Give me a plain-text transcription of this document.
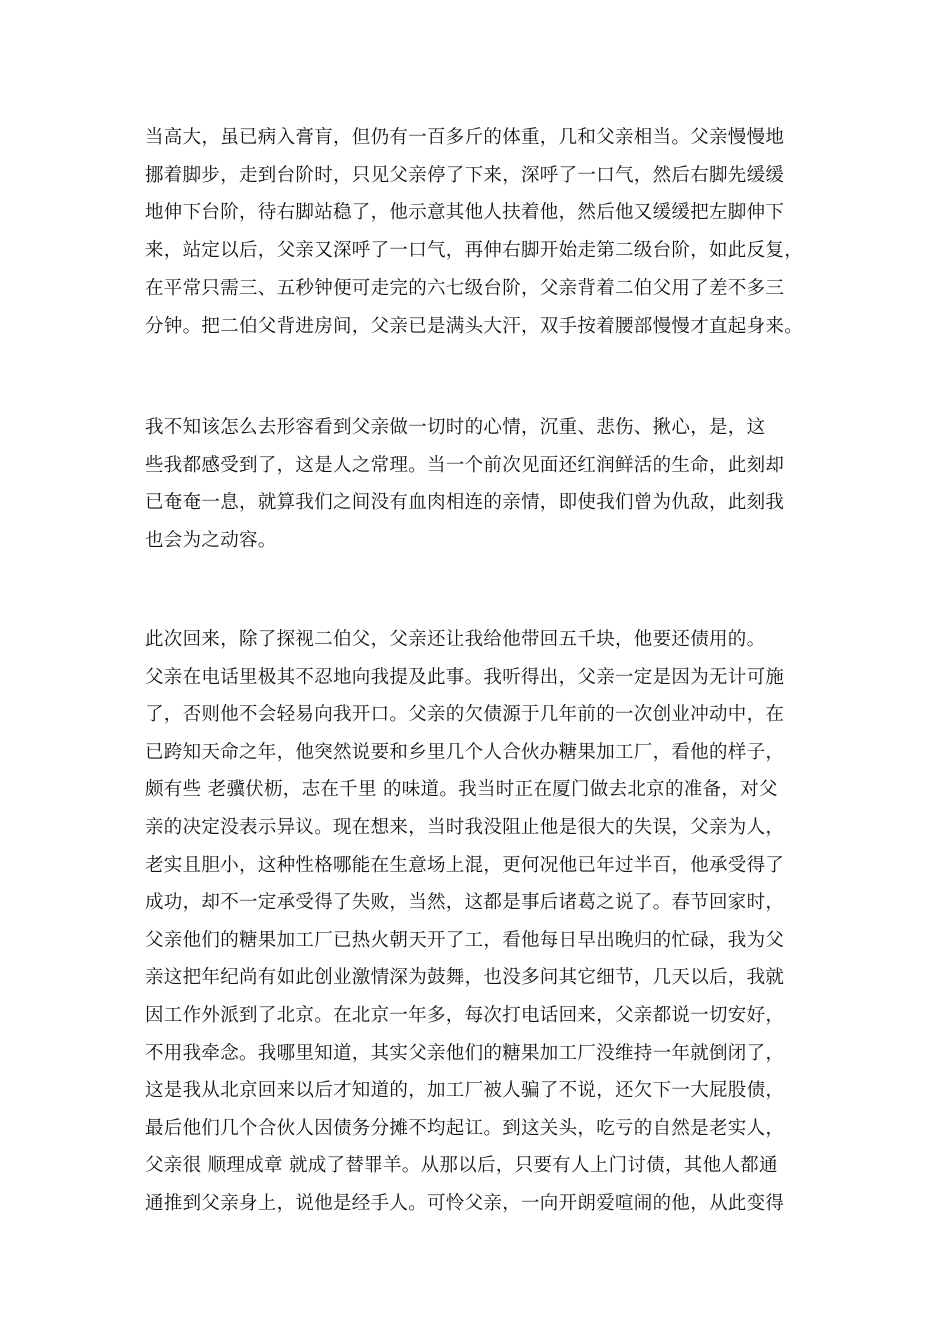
当高大，虽已病入膏肓，但仍有一百多斤的体重，几和父亲相当。父亲慢慢地
挪着脚步，走到台阶时，只见父亲停了下来，深呼了一口气，然后右脚先缓缓
地伸下台阶，待右脚站稳了，他示意其他人扶着他，然后他又缓缓把左脚伸下
来，站定以后，父亲又深呼了一口气，再伸右脚开始走第二级台阶，如此反复，
在平常只需三、五秒钟便可走完的六七级台阶，父亲背着二伯父用了差不多三
分钟。把二伯父背进房间，父亲已是满头大汗，双手按着腰部慢慢才直起身来。
我不知该怎么去形容看到父亲做一切时的心情，沉重、悲伤、揪心，是，这
些我都感受到了，这是人之常理。当一个前次见面还红润鲜活的生命，此刻却
已奄奄一息，就算我们之间没有血肉相连的亲情，即使我们曾为仇敌，此刻我
也会为之动容。
此次回来，除了探视二伯父，父亲还让我给他带回五千块，他要还债用的。
父亲在电话里极其不忍地向我提及此事。我听得出，父亲一定是因为无计可施
了，否则他不会轻易向我开口。父亲的欠债源于几年前的一次创业冲动中，在
已跨知天命之年，他突然说要和乡里几个人合伙办糖果加工厂，看他的样子，
颇有些 老骥伏枥，志在千里 的味道。我当时正在厦门做去北京的准备，对父
亲的决定没表示异议。现在想来，当时我没阻止他是很大的失误，父亲为人，
老实且胆小，这种性格哪能在生意场上混，更何况他已年过半百，他承受得了
成功，却不一定承受得了失败，当然，这都是事后诸葛之说了。春节回家时，
父亲他们的糖果加工厂已热火朝天开了工，看他每日早出晚归的忙碌，我为父
亲这把年纪尚有如此创业激情深为鼓舞，也没多问其它细节，几天以后，我就
因工作外派到了北京。在北京一年多，每次打电话回来，父亲都说一切安好，
不用我牵念。我哪里知道，其实父亲他们的糖果加工厂没维持一年就倒闭了，
这是我从北京回来以后才知道的，加工厂被人骗了不说，还欠下一大屁股债，
最后他们几个合伙人因债务分摊不均起讧。到这关头，吃亏的自然是老实人，
父亲很 顺理成章 就成了替罪羊。从那以后，只要有人上门讨债，其他人都通
通推到父亲身上，说他是经手人。可怜父亲，一向开朗爱喧闹的他，从此变得
